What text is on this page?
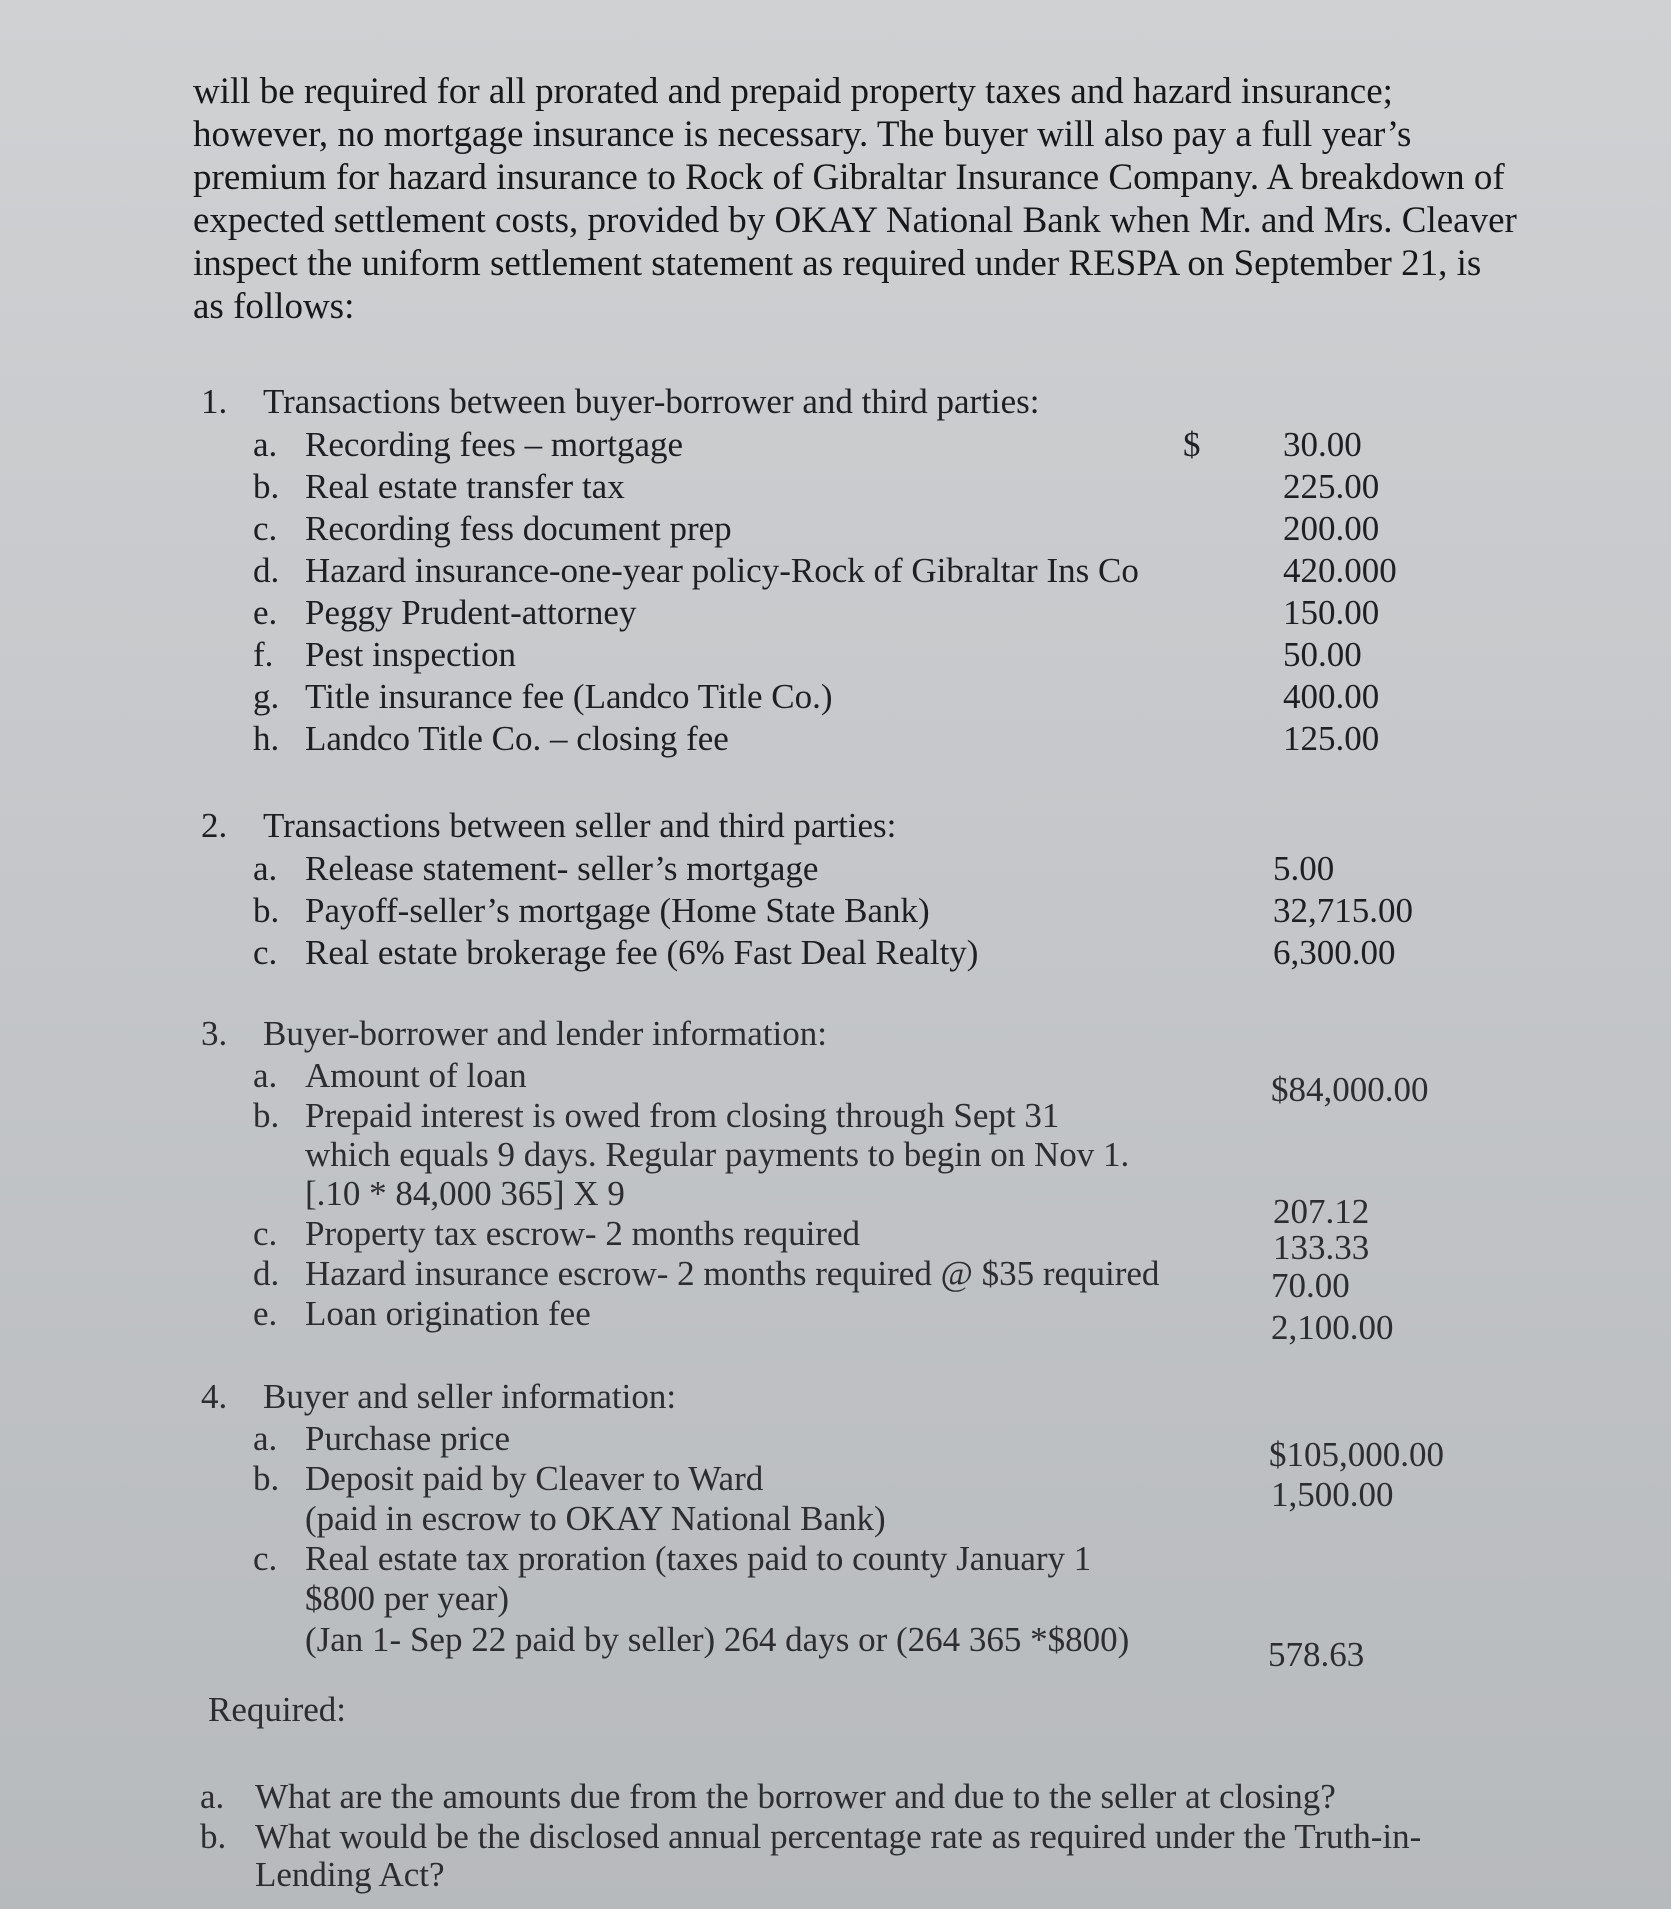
will be required for all prorated and prepaid property taxes and hazard insurance;

however, no mortgage insurance is necessary. The buyer will also pay a full year’s

premium for hazard insurance to Rock of Gibraltar Insurance Company. A breakdown of

expected settlement costs, provided by OKAY National Bank when Mr. and Mrs. Cleaver

inspect the uniform settlement statement as required under RESPA on September 21, is

as follows:

1.	Transactions between buyer-borrower and third parties:
a. Recording fees – mortgage	$ 30.00
b. Real estate transfer tax	225.00
c. Recording fess document prep	200.00
d. Hazard insurance-one-year policy-Rock of Gibraltar Ins Co	420.000
e. Peggy Prudent-attorney	150.00
f. Pest inspection	50.00
g. Title insurance fee (Landco Title Co.)	400.00
h. Landco Title Co. – closing fee	125.00
2.	Transactions between seller and third parties:
a. Release statement- seller’s mortgage	5.00
b. Payoff-seller’s mortgage (Home State Bank)	32,715.00
c. Real estate brokerage fee (6% Fast Deal Realty)	6,300.00
3.	Buyer-borrower and lender information:
a. Amount of loan	$84,000.00
b. Prepaid interest is owed from closing through Sept 31
which equals 9 days. Regular payments to begin on Nov 1.
[.10 * 84,000 365] X 9	207.12
c. Property tax escrow- 2 months required	133.33
d. Hazard insurance escrow- 2 months required @ $35 required	70.00
e. Loan origination fee	2,100.00
4.	Buyer and seller information:
a. Purchase price	$105,000.00
b. Deposit paid by Cleaver to Ward	1,500.00
(paid in escrow to OKAY National Bank)
c. Real estate tax proration (taxes paid to county January 1
$800 per year)
(Jan 1- Sep 22 paid by seller) 264 days or (264 365 *$800)	578.63
Required:
a. What are the amounts due from the borrower and due to the seller at closing?
b. What would be the disclosed annual percentage rate as required under the Truth-in-Lending Act?
